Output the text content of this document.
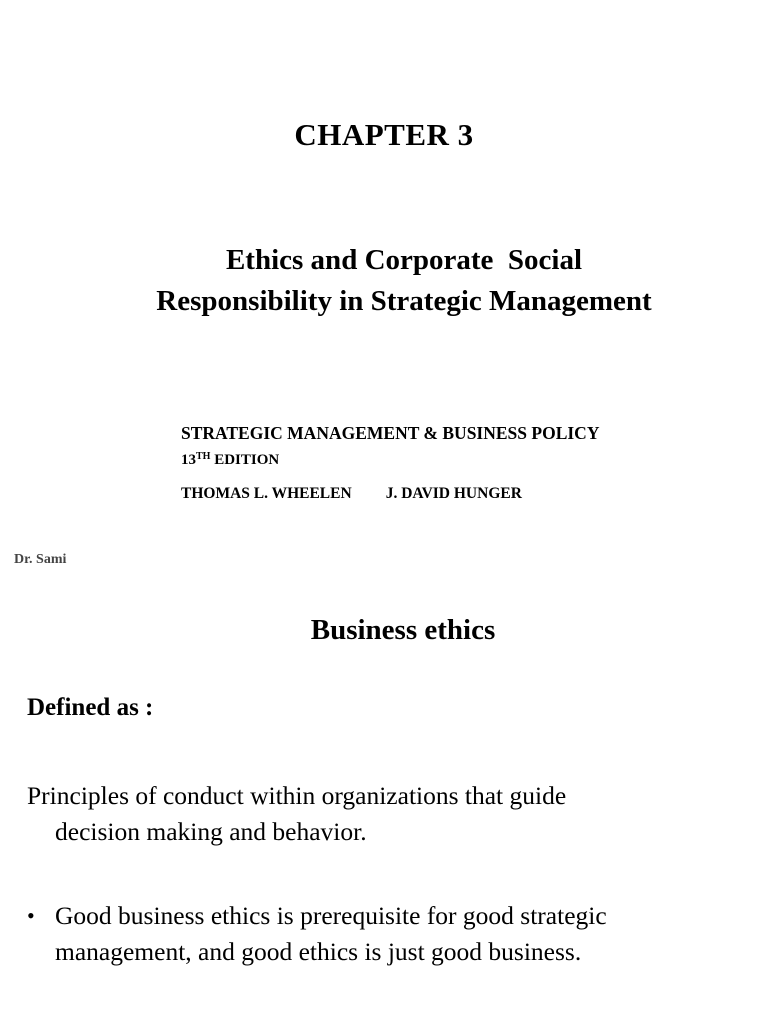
CHAPTER 3
Ethics and Corporate  Social
Responsibility in Strategic Management
STRATEGIC MANAGEMENT & BUSINESS POLICY
13TH EDITION
THOMAS L. WHEELEN J. DAVID HUNGER
Dr. Sami
Business ethics
Defined as :
Principles of conduct within organizations that guide
decision making and behavior.
• Good business ethics is prerequisite for good strategic
management, and good ethics is just good business.
